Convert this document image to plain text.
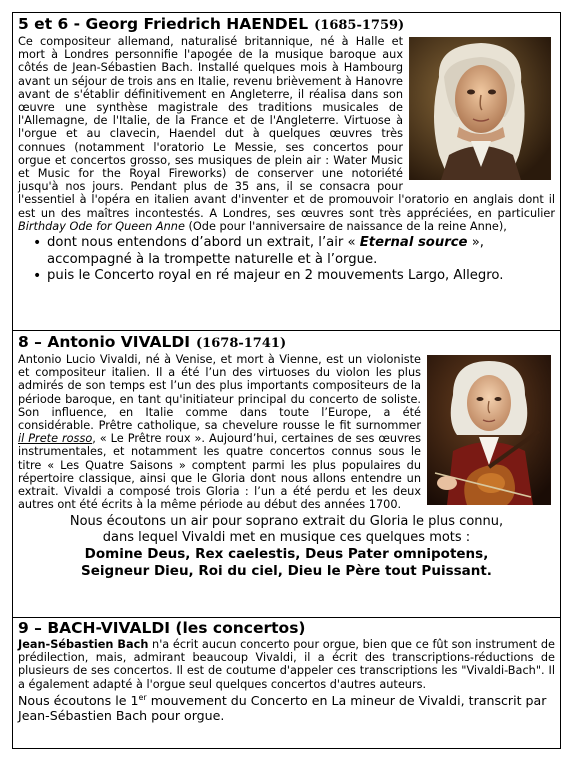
5 et 6 - Georg Friedrich HAENDEL (1685-1759)
Ce compositeur allemand, naturalisé britannique, né à Halle et mort à Londres personnifie l'apogée de la musique baroque aux côtés de Jean-Sébastien Bach. Installé quelques mois à Hambourg avant un séjour de trois ans en Italie, revenu brièvement à Hanovre avant de s'établir définitivement en Angleterre, il réalisa dans son œuvre une synthèse magistrale des traditions musicales de l'Allemagne, de l'Italie, de la France et de l'Angleterre. Virtuose à l'orgue et au clavecin, Haendel dut à quelques œuvres très connues (notamment l'oratorio Le Messie, ses concertos pour orgue et concertos grosso, ses musiques de plein air : Water Music et Music for the Royal Fireworks) de conserver une notoriété jusqu'à nos jours. Pendant plus de 35 ans, il se consacra pour l'essentiel à l'opéra en italien avant d'inventer et de promouvoir l'oratorio en anglais dont il est un des maîtres incontestés. A Londres, ses œuvres sont très appréciées, en particulier Birthday Ode for Queen Anne (Ode pour l'anniversaire de naissance de la reine Anne),
• dont nous entendons d’abord un extrait, l’air « Eternal source », accompagné à la trompette naturelle et à l’orgue.
• puis le Concerto royal en ré majeur en 2 mouvements Largo, Allegro.
8 – Antonio VIVALDI (1678-1741)
Antonio Lucio Vivaldi, né à Venise, et mort à Vienne, est un violoniste et compositeur italien. Il a été l’un des virtuoses du violon les plus admirés de son temps est l’un des plus importants compositeurs de la période baroque, en tant qu'initiateur principal du concerto de soliste. Son influence, en Italie comme dans toute l’Europe, a été considérable. Prêtre catholique, sa chevelure rousse le fit surnommer il Prete rosso, « Le Prêtre roux ». Aujourd’hui, certaines de ses œuvres instrumentales, et notamment les quatre concertos connus sous le titre « Les Quatre Saisons » comptent parmi les plus populaires du répertoire classique, ainsi que le Gloria dont nous allons entendre un extrait. Vivaldi a composé trois Gloria : l’un a été perdu et les deux autres ont été écrits à la même période au début des années 1700.
Nous écoutons un air pour soprano extrait du Gloria le plus connu,
dans lequel Vivaldi met en musique ces quelques mots :
Domine Deus, Rex caelestis, Deus Pater omnipotens,
Seigneur Dieu, Roi du ciel, Dieu le Père tout Puissant.
9 – BACH-VIVALDI (les concertos)
Jean-Sébastien Bach n'a écrit aucun concerto pour orgue, bien que ce fût son instrument de prédilection, mais, admirant beaucoup Vivaldi, il a écrit des transcriptions-réductions de plusieurs de ses concertos. Il est de coutume d'appeler ces transcriptions les "Vivaldi-Bach". Il a également adapté à l'orgue seul quelques concertos d'autres auteurs.
Nous écoutons le 1er mouvement du Concerto en La mineur de Vivaldi, transcrit par Jean-Sébastien Bach pour orgue.
